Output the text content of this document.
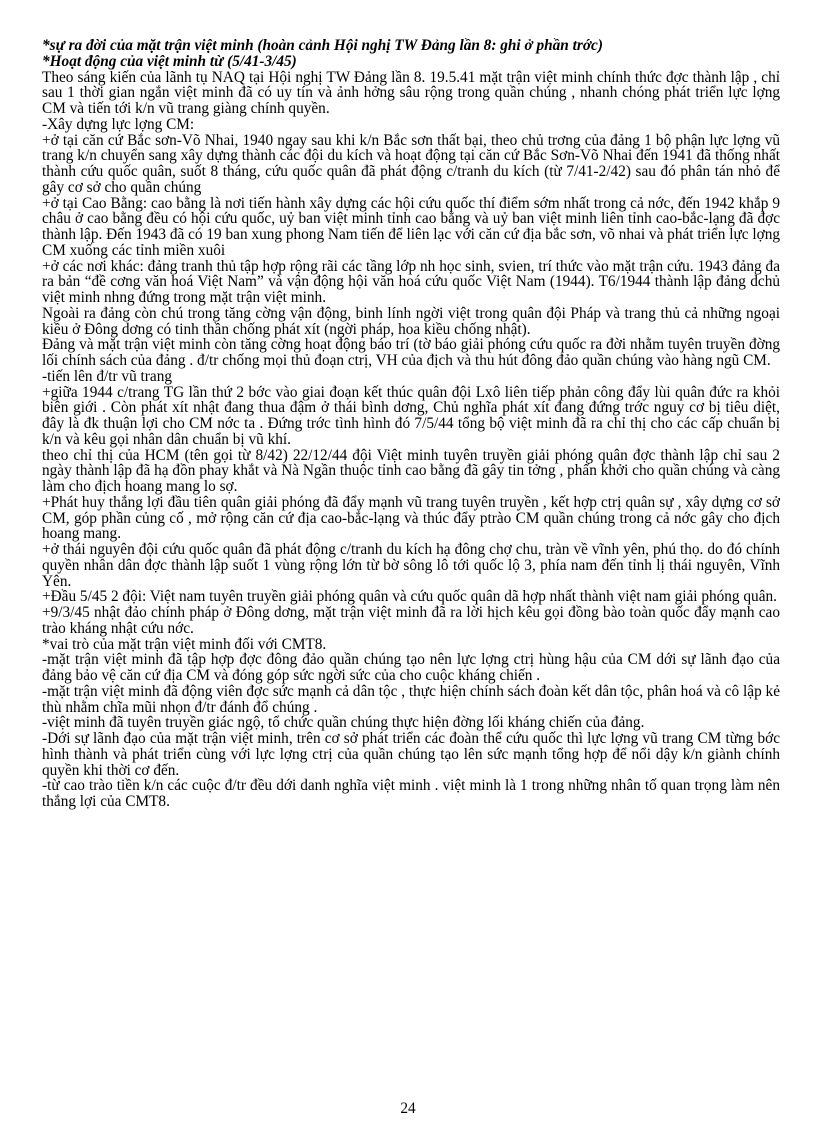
*sự ra đời của mặt trận việt minh (hoàn cảnh Hội nghị TW Đảng lần 8: ghi ở phần trớc)

*Hoạt động của việt minh từ (5/41-3/45)

Theo sáng kiến của lãnh tụ NAQ tại Hội nghị TW Đảng lần 8. 19.5.41 mặt trận việt minh chính thức đợc thành lập , chỉ sau 1 thời gian ngắn việt minh đã có uy tín và ảnh hởng sâu rộng trong quần chúng , nhanh chóng phát triển lực lợng CM và tiến tới k/n vũ trang giàng chính quyền.

-Xây dựng lực lợng CM:

+ở tại căn cứ Bắc sơn-Võ Nhai, 1940 ngay sau khi k/n Bắc sơn thất bại, theo chủ trơng của đảng 1 bộ phận lực lợng vũ trang k/n chuyển sang xây dựng thành các đội du kích và hoạt động tại căn cứ Bắc Sơn-Võ Nhai đến 1941 đã thống nhất thành cứu quốc quân, suốt 8 tháng, cứu quốc quân đã phát động c/tranh du kích (từ 7/41-2/42) sau đó phân tán nhỏ để gây cơ sở cho quần chúng

+ở tại Cao Bằng: cao bằng là nơi tiến hành xây dựng các hội cứu quốc thí điểm sớm nhất trong cả nớc, đến 1942 khắp 9 châu ở cao bằng đều có hội cứu quốc, uỷ ban việt minh tỉnh cao bằng và uỷ ban việt minh liên tỉnh cao-bắc-lạng đã đợc thành lập. Đến 1943 đã có 19 ban xung phong Nam tiến để liên lạc với căn cứ địa bắc sơn, võ nhai và phát triển lực lợng CM xuống các tỉnh miền xuôi

+ở các nơi khác: đảng tranh thủ tập hợp rộng rãi các tầng lớp nh học sinh, svien, trí thức vào mặt trận cứu. 1943 đảng đa ra bản “đề cơng văn hoá Việt Nam” và vận động hội văn hoá cứu quốc Việt Nam (1944). T6/1944 thành lập đảng dchủ việt minh nhng đứng trong mặt trận việt minh.

Ngoài ra đảng còn chú trong tăng cờng vận động, binh lính ngời việt trong quân đội Pháp và trang thủ cả những ngoại kiều ở Đông dơng có tinh thần chống phát xít (ngời pháp, hoa kiều chống nhật).

Đảng và mặt trận việt minh còn tăng cờng hoạt động báo trí (tờ báo giải phóng cứu quốc ra đời nhằm tuyên truyền đờng lối chính sách của đảng . đ/tr chống mọi thủ đoạn ctrị, VH của địch và thu hút đông đảo quần chúng vào hàng ngũ CM.

-tiến lên đ/tr vũ trang

+giữa 1944 c/trang TG lần thứ 2 bớc vào giai đoạn kết thúc quân đội Lxô liên tiếp phản công đẩy lùi quân đức ra khỏi biên giới . Còn phát xít nhật đang thua đậm ở thái bình dơng, Chủ nghĩa phát xít đang đứng trớc nguy cơ bị tiêu diệt, đây là đk thuận lợi cho CM nớc ta . Đứng trớc tình hình đó 7/5/44 tổng bộ việt minh đã ra chỉ thị cho các cấp chuẩn bị k/n và kêu gọi nhân dân chuẩn bị vũ khí.

theo chỉ thị của HCM (tên gọi từ 8/42) 22/12/44 đội Việt minh tuyên truyền giải phóng quân đợc thành lập chỉ sau 2 ngày thành lập đã hạ đồn phay khắt và Nà Ngần thuộc tỉnh cao bằng đã gây tin tởng , phấn khởi cho quần chúng và càng làm cho địch hoang mang lo sợ.

+Phát huy thắng lợi đầu tiên quân giải phóng đã đẩy mạnh vũ trang tuyên truyền , kết hợp ctrị quân sự , xây dựng cơ sở CM, góp phần củng cố , mở rộng căn cứ địa cao-bắc-lạng và thúc đẩy ptrào CM quần chúng trong cả nớc gây cho địch hoang mang.

+ở thái nguyên đội cứu quốc quân đã phát động c/tranh du kích hạ đông chợ chu, tràn về vĩnh yên, phú thọ. do đó chính quyền nhân dân đợc thành lập suốt 1 vùng rộng lớn từ bờ sông lô tới quốc lộ 3, phía nam đến tỉnh lị thái nguyên, Vĩnh Yên.

+Đầu 5/45 2 đội: Việt nam tuyên truyền giải phóng quân và cứu quốc quân dã hợp nhất thành việt nam giải phóng quân.

+9/3/45 nhật đảo chính pháp ở Đông dơng, mặt trận việt minh đã ra lời hịch kêu gọi đồng bào toàn quốc đẩy mạnh cao trào kháng nhật cứu nớc.

*vai trò của mặt trận việt minh đối với CMT8.

-mặt trận việt minh đã tập hợp đợc đông đảo quần chúng tạo nên lực lợng ctrị hùng hậu của CM dới sự lãnh đạo của đảng bảo vệ căn cứ địa CM và đóng góp sức ngời sức của cho cuộc kháng chiến .

-mặt trận việt minh đã động viên đợc sức mạnh cả dân tộc , thực hiện chính sách đoàn kết dân tộc, phân hoá và cô lập kẻ thù nhằm chĩa mũi nhọn đ/tr đánh đổ chúng .

-việt minh đã tuyên truyền giác ngộ, tổ chức quần chúng thực hiện đờng lối kháng chiến của đảng.

-Dới sự lãnh đạo của mặt trận việt minh, trên cơ sở phát triển các đoàn thể cứu quốc thì lực lợng vũ trang CM từng bớc hình thành và phát triển cùng với lực lợng ctrị của quần chúng tạo lên sức mạnh tổng hợp để nổi dậy k/n giành chính quyền khi thời cơ đến.

-từ cao trào tiền k/n các cuộc đ/tr đều dới danh nghĩa việt minh . việt minh là 1 trong những nhân tố quan trọng làm nên thắng lợi của CMT8.

24
